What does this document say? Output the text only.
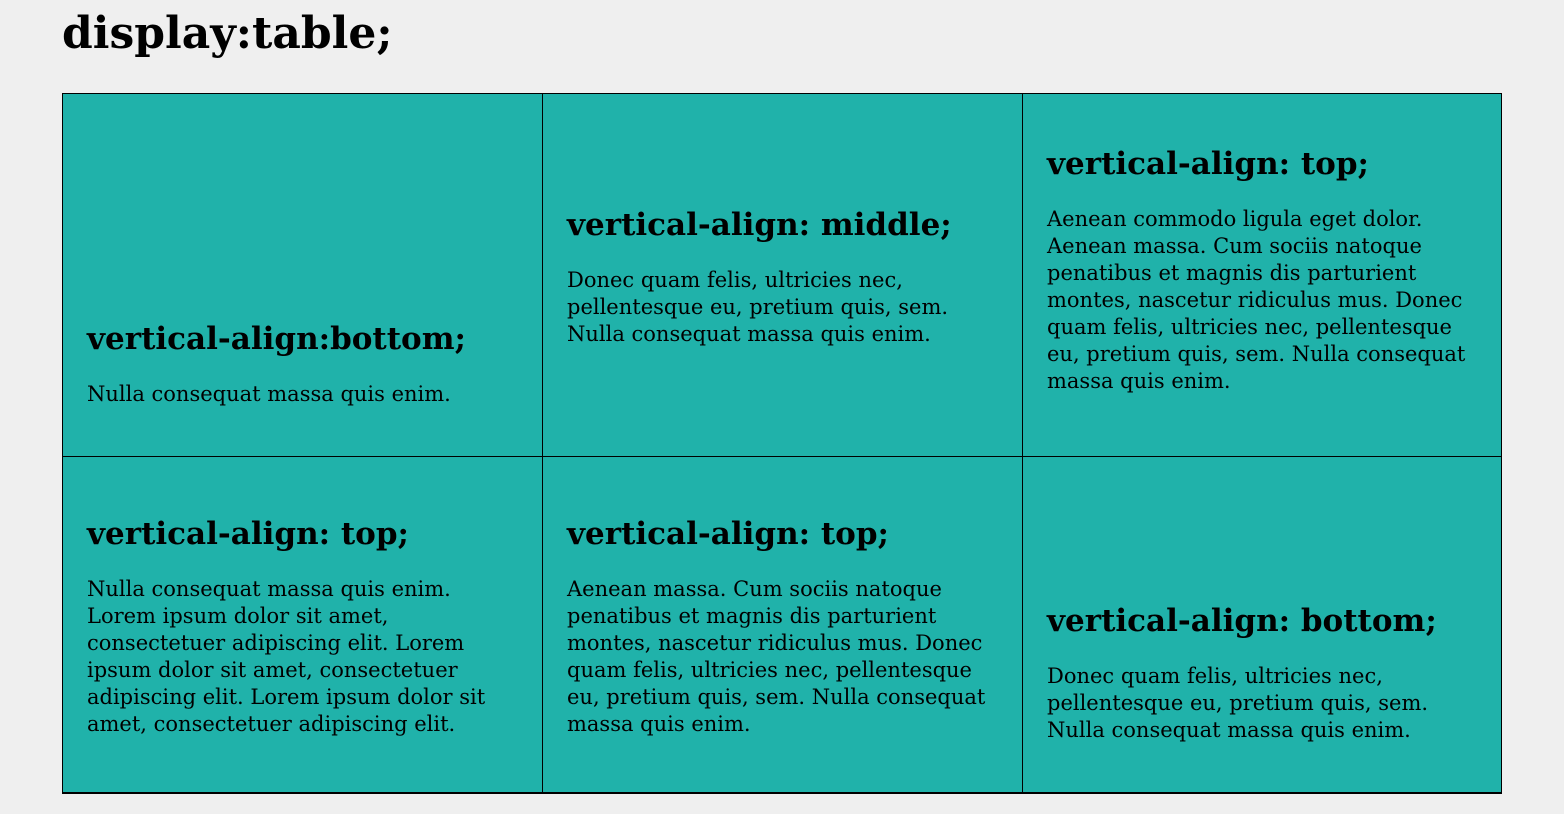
display:table;
vertical-align:bottom;

Nulla consequat massa quis enim.

vertical-align: middle;

Donec quam felis, ultricies nec, pellentesque eu, pretium quis, sem. Nulla consequat massa quis enim.

vertical-align: top;

Aenean commodo ligula eget dolor. Aenean massa. Cum sociis natoque penatibus et magnis dis parturient montes, nascetur ridiculus mus. Donec quam felis, ultricies nec, pellentesque eu, pretium quis, sem. Nulla consequat massa quis enim.

vertical-align: top;

Nulla consequat massa quis enim. Lorem ipsum dolor sit amet, consectetuer adipiscing elit. Lorem ipsum dolor sit amet, consectetuer adipiscing elit. Lorem ipsum dolor sit amet, consectetuer adipiscing elit.

vertical-align: top;

Aenean massa. Cum sociis natoque penatibus et magnis dis parturient montes, nascetur ridiculus mus. Donec quam felis, ultricies nec, pellentesque eu, pretium quis, sem. Nulla consequat massa quis enim.

vertical-align: bottom;

Donec quam felis, ultricies nec, pellentesque eu, pretium quis, sem. Nulla consequat massa quis enim.
